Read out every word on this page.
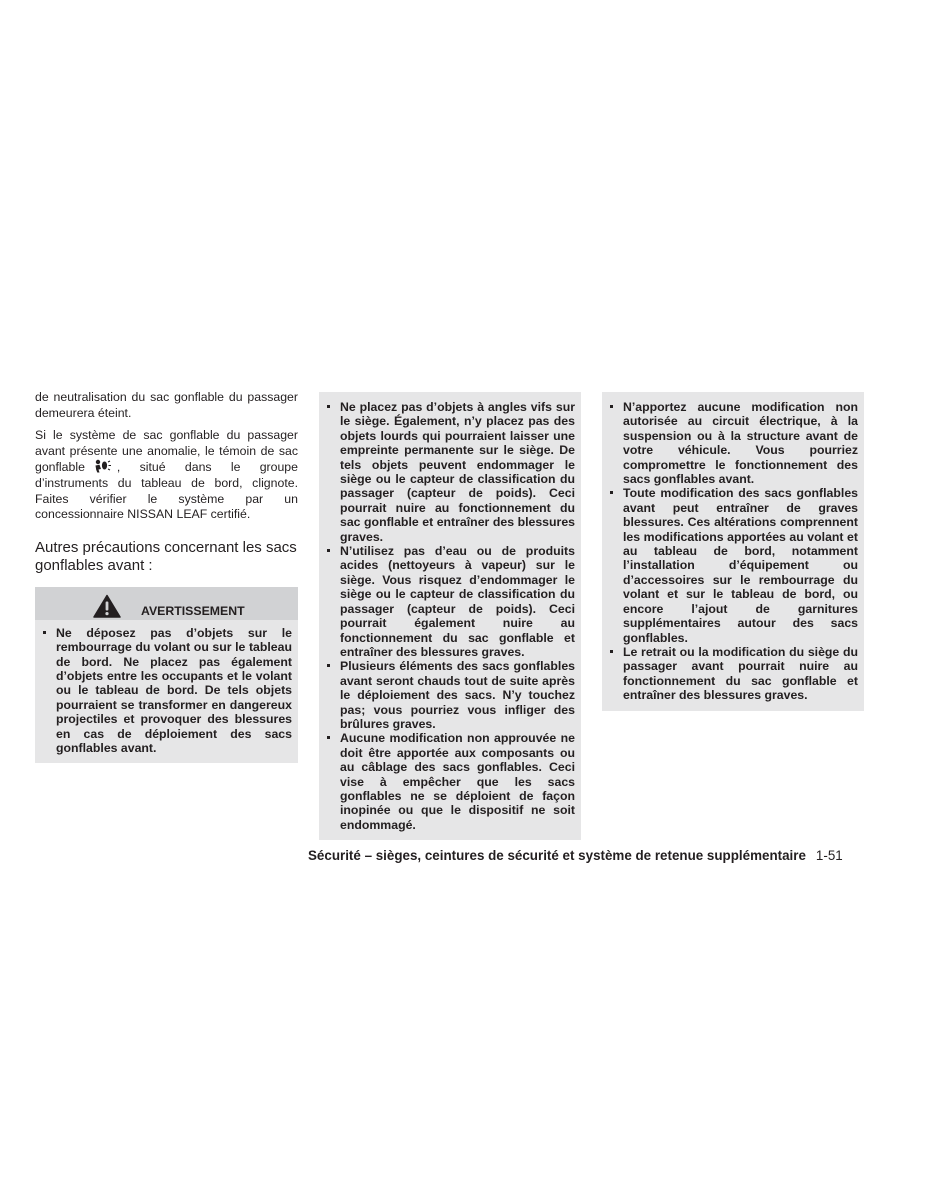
de neutralisation du sac gonflable du passager demeurera éteint.

Si le système de sac gonflable du passager avant présente une anomalie, le témoin de sac gonflable	, situé dans le groupe d’instruments du tableau de bord, clignote. Faites vérifier le système par un concessionnaire NISSAN LEAF certifié.

Autres précautions concernant les sacs gonflables avant :
AVERTISSEMENT
Ne déposez pas d’objets sur le rembourrage du volant ou sur le tableau de bord. Ne placez pas également d’objets entre les occupants et le volant ou le tableau de bord. De tels objets pourraient se transformer en dangereux projectiles et provoquer des blessures en cas de déploiement des sacs gonflables avant.
Ne placez pas d’objets à angles vifs sur le siège. Également, n’y placez pas des objets lourds qui pourraient laisser une empreinte permanente sur le siège. De tels objets peuvent endommager le siège ou le capteur de classification du passager (capteur de poids). Ceci pourrait nuire au fonctionnement du sac gonflable et entraîner des blessures graves.
N’utilisez pas d’eau ou de produits acides (nettoyeurs à vapeur) sur le siège. Vous risquez d’endommager le siège ou le capteur de classification du passager (capteur de poids). Ceci pourrait également nuire au fonctionnement du sac gonflable et entraîner des blessures graves.
Plusieurs éléments des sacs gonflables avant seront chauds tout de suite après le déploiement des sacs. N’y touchez pas; vous pourriez vous infliger des brûlures graves.
Aucune modification non approuvée ne doit être apportée aux composants ou au câblage des sacs gonflables. Ceci vise à empêcher que les sacs gonflables ne se déploient de façon inopinée ou que le dispositif ne soit endommagé.
N’apportez aucune modification non autorisée au circuit électrique, à la suspension ou à la structure avant de votre véhicule. Vous pourriez compromettre le fonctionnement des sacs gonflables avant.
Toute modification des sacs gonflables avant peut entraîner de graves blessures. Ces altérations comprennent les modifications apportées au volant et au tableau de bord, notamment l’installation d’équipement ou d’accessoires sur le rembourrage du volant et sur le tableau de bord, ou encore l’ajout de garnitures supplémentaires autour des sacs gonflables.
Le retrait ou la modification du siège du passager avant pourrait nuire au fonctionnement du sac gonflable et entraîner des blessures graves.
Sécurité – sièges, ceintures de sécurité et système de retenue supplémentaire 1-51
